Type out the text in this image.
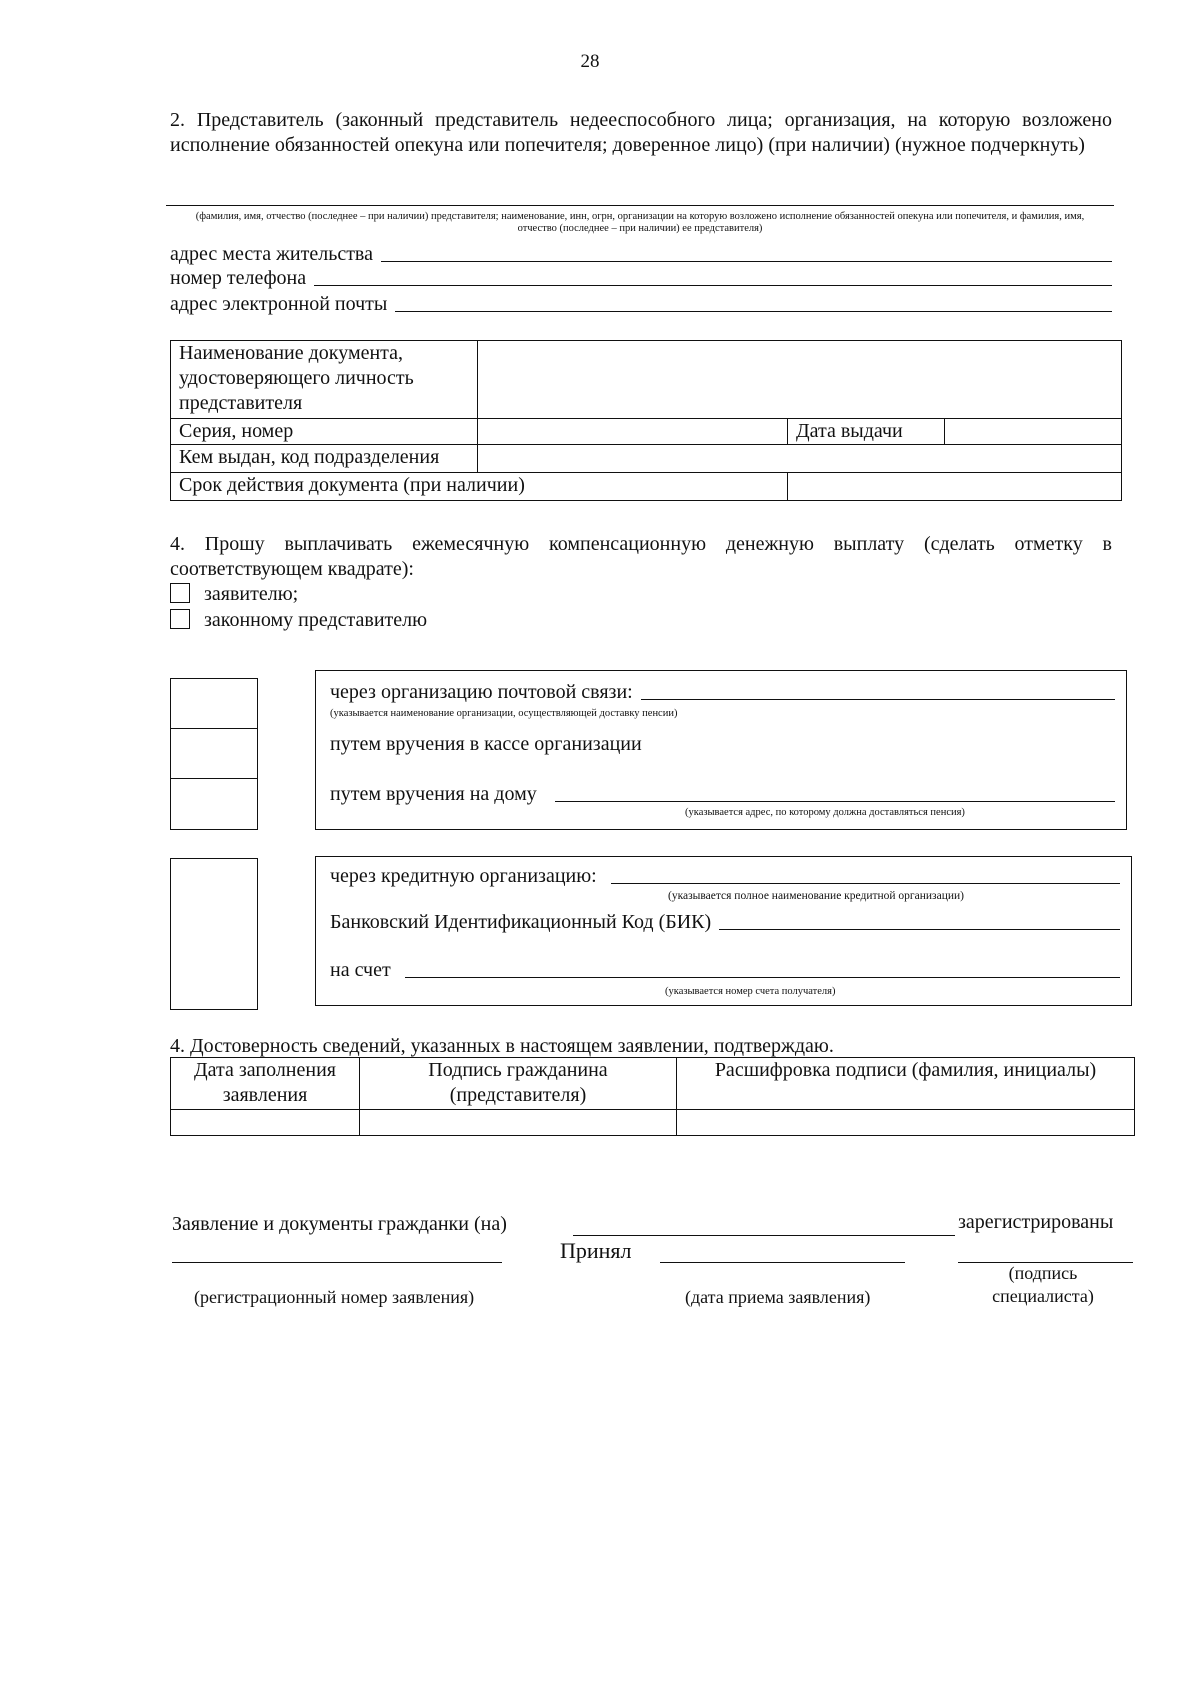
28
2. Представитель (законный представитель недееспособного лица; организация, на которую возложено исполнение обязанностей опекуна или попечителя; доверенное лицо) (при наличии) (нужное подчеркнуть)
(фамилия, имя, отчество (последнее – при наличии) представителя; наименование, инн, огрн, организации на которую возложено исполнение обязанностей опекуна или попечителя, и фамилия, имя, отчество (последнее – при наличии) ее представителя)
адрес места жительства
номер телефона
адрес электронной почты
Наименование документа, удостоверяющего личность представителя			
Серия, номер		Дата выдачи	
Кем выдан, код подразделения			
Срок действия документа (при наличии)			
4. Прошу выплачивать ежемесячную компенсационную денежную выплату (сделать отметку в соответствующем квадрате):
заявителю;
законному представителю
через организацию почтовой связи:
(указывается наименование организации, осуществляющей доставку пенсии)
путем вручения в кассе организации
путем вручения на дому
(указывается адрес, по которому должна доставляться пенсия)
через кредитную организацию:
(указывается полное наименование кредитной организации)
Банковский Идентификационный Код (БИК)
на счет
(указывается номер счета получателя)
4. Достоверность сведений, указанных в настоящем заявлении, подтверждаю.
Дата заполнения заявления	Подпись гражданина (представителя)	Расшифровка подписи (фамилия, инициалы)

Заявление и документы гражданки (на)	зарегистрированы
Принял
(регистрационный номер заявления)	(дата приема заявления)
(подпись специалиста)
